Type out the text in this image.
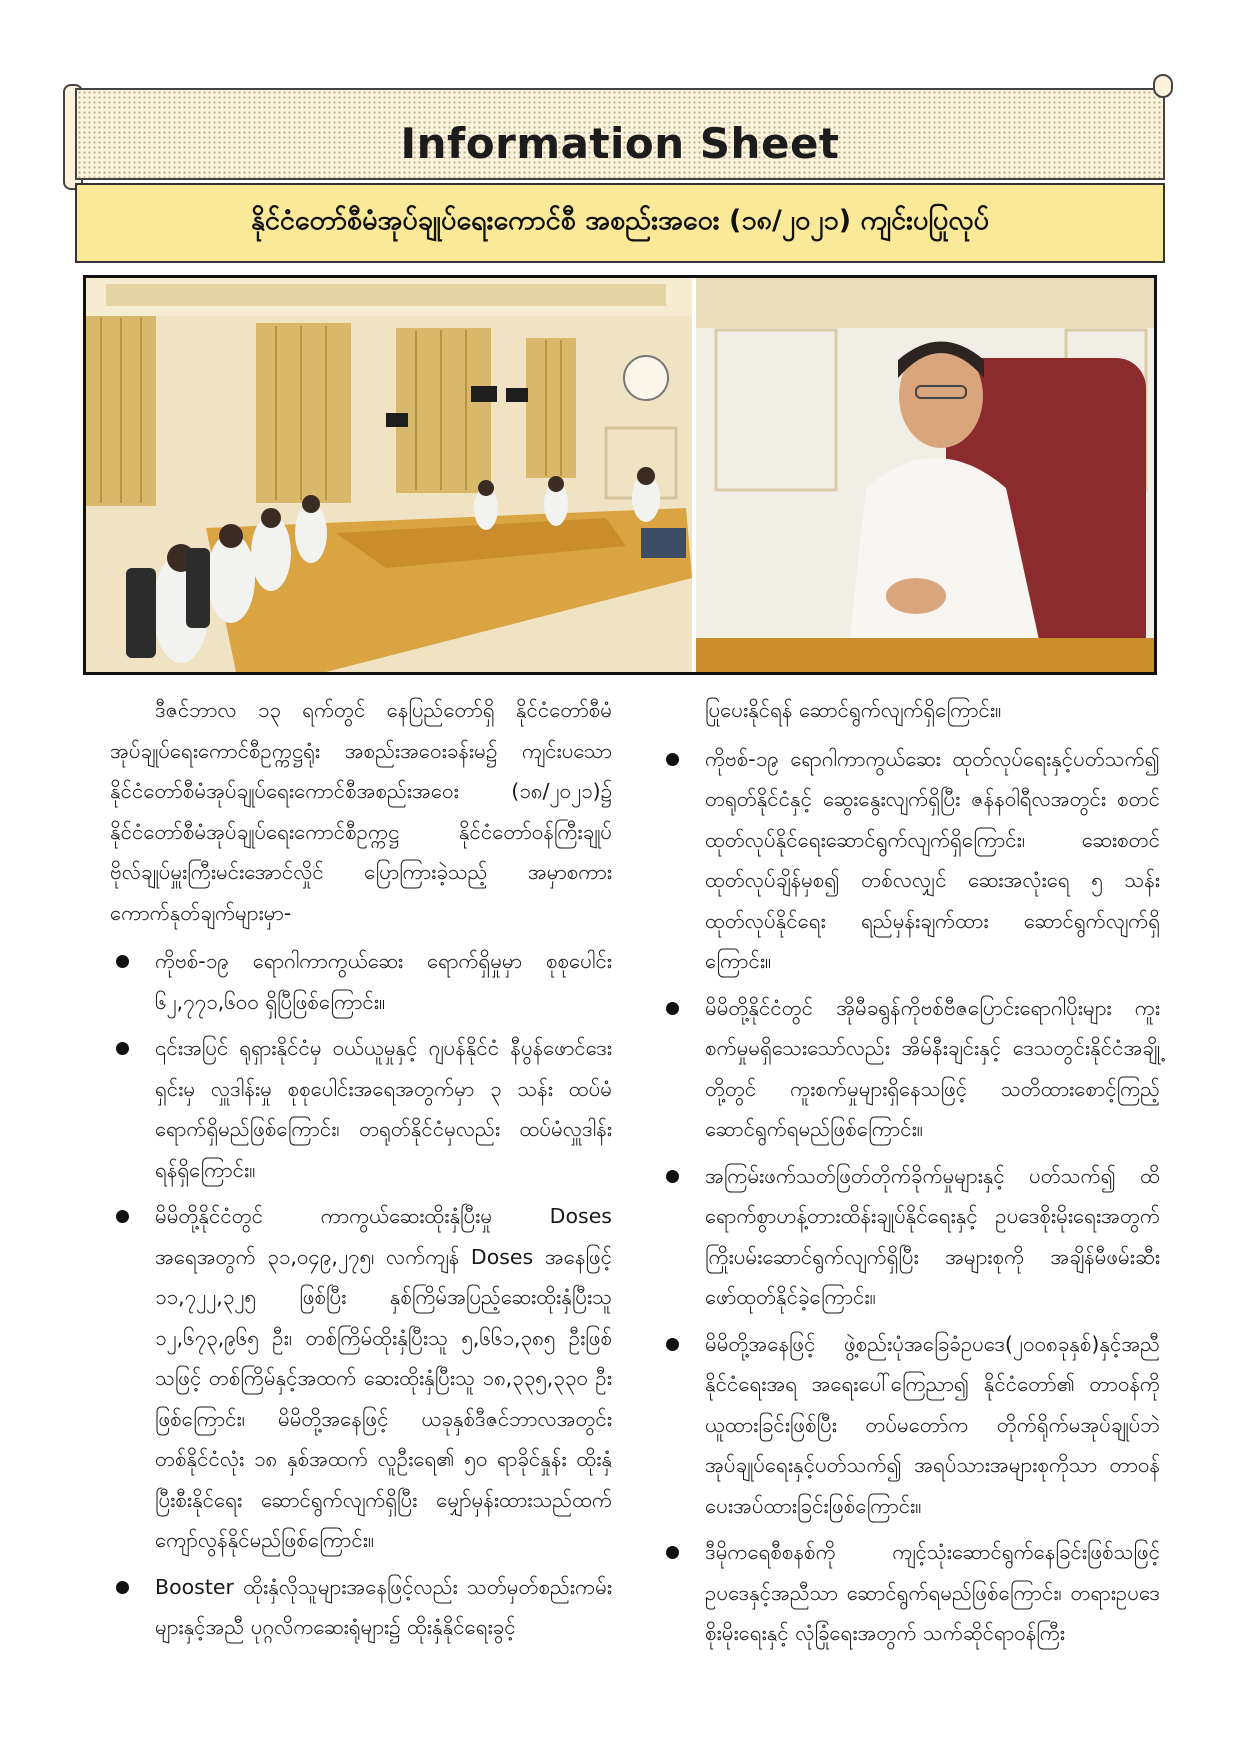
Information Sheet
နိုင်ငံတော်စီမံအုပ်ချုပ်ရေးကောင်စီ အစည်းအဝေး (၁၈/၂၀၂၁) ကျင်းပပြုလုပ်

ဒီဇင်ဘာလ ၁၃ ရက်တွင် နေပြည်တော်ရှိ နိုင်ငံတော်စီမံအုပ်ချုပ်ရေးကောင်စီဥက္ကဋ္ဌရုံး အစည်းအဝေးခန်းမ၌ ကျင်းပသော နိုင်ငံတော်စီမံအုပ်ချုပ်ရေးကောင်စီအစည်းအဝေး (၁၈/၂၀၂၁)၌ နိုင်ငံတော်စီမံအုပ်ချုပ်ရေးကောင်စီဥက္ကဋ္ဌ နိုင်ငံတော်ဝန်ကြီးချုပ် ဗိုလ်ချုပ်မှူးကြီးမင်းအောင်လှိုင် ပြောကြားခဲ့သည့် အမှာစကားကောက်နုတ်ချက်များမှာ-

ကိုဗစ်-၁၉ ရောဂါကာကွယ်ဆေး ရောက်ရှိမှုမှာ စုစုပေါင်း ၆၂,၇၇၁,၆၀၀ ရှိပြီဖြစ်ကြောင်း။
၎င်းအပြင် ရုရှားနိုင်ငံမှ ဝယ်ယူမှုနှင့် ဂျပန်နိုင်ငံ နီပွန်ဖောင်ဒေးရှင်းမှ လှူဒါန်းမှု စုစုပေါင်းအရေအတွက်မှာ ၃ သန်း ထပ်မံရောက်ရှိမည်ဖြစ်ကြောင်း၊ တရုတ်နိုင်ငံမှလည်း ထပ်မံလှူဒါန်းရန်ရှိကြောင်း။
မိမိတို့နိုင်ငံတွင် ကာကွယ်ဆေးထိုးနှံပြီးမှု Doses အရေအတွက် ၃၁,၀၄၉,၂၇၅၊ လက်ကျန် Doses အနေဖြင့် ၁၁,၇၂၂,၃၂၅ ဖြစ်ပြီး နှစ်ကြိမ်အပြည့်ဆေးထိုးနှံပြီးသူ ၁၂,၆၇၃,၉၆၅ ဦး၊ တစ်ကြိမ်ထိုးနှံပြီးသူ ၅,၆၆၁,၃၈၅ ဦးဖြစ်သဖြင့် တစ်ကြိမ်နှင့်အထက် ဆေးထိုးနှံပြီးသူ ၁၈,၃၃၅,၃၃၀ ဦးဖြစ်ကြောင်း၊ မိမိတို့အနေဖြင့် ယခုနှစ်ဒီဇင်ဘာလအတွင်း တစ်နိုင်ငံလုံး ၁၈ နှစ်အထက် လူဦးရေ၏ ၅၀ ရာခိုင်နှုန်း ထိုးနှံပြီးစီးနိုင်ရေး ဆောင်ရွက်လျက်ရှိပြီး မျှော်မှန်းထားသည်ထက် ကျော်လွန်နိုင်မည်ဖြစ်ကြောင်း။
Booster ထိုးနှံလိုသူများအနေဖြင့်လည်း သတ်မှတ်စည်းကမ်းများနှင့်အညီ ပုဂ္ဂလိကဆေးရုံများ၌ ထိုးနှံနိုင်ရေးခွင့်

ပြုပေးနိုင်ရန် ဆောင်ရွက်လျက်ရှိကြောင်း။

ကိုဗစ်-၁၉ ရောဂါကာကွယ်ဆေး ထုတ်လုပ်ရေးနှင့်ပတ်သက်၍ တရုတ်နိုင်ငံနှင့် ဆွေးနွေးလျက်ရှိပြီး ဇန်နဝါရီလအတွင်း စတင်ထုတ်လုပ်နိုင်ရေးဆောင်ရွက်လျက်ရှိကြောင်း၊ ဆေးစတင်ထုတ်လုပ်ချိန်မှစ၍ တစ်လလျှင် ဆေးအလုံးရေ ၅ သန်း ထုတ်လုပ်နိုင်ရေး ရည်မှန်းချက်ထား ဆောင်ရွက်လျက်ရှိကြောင်း။
မိမိတို့နိုင်ငံတွင် အိုမီခရွန်ကိုဗစ်ဗီဇပြောင်းရောဂါပိုးများ ကူးစက်မှုမရှိသေးသော်လည်း အိမ်နီးချင်းနှင့် ဒေသတွင်းနိုင်ငံအချို့တို့တွင် ကူးစက်မှုများရှိနေသဖြင့် သတိထားစောင့်ကြည့်ဆောင်ရွက်ရမည်ဖြစ်ကြောင်း။
အကြမ်းဖက်သတ်ဖြတ်တိုက်ခိုက်မှုများနှင့် ပတ်သက်၍ ထိရောက်စွာဟန့်တားထိန်းချုပ်နိုင်ရေးနှင့် ဥပဒေစိုးမိုးရေးအတွက် ကြိုးပမ်းဆောင်ရွက်လျက်ရှိပြီး အများစုကို အချိန်မီဖမ်းဆီးဖော်ထုတ်နိုင်ခဲ့ကြောင်း။
မိမိတို့အနေဖြင့် ဖွဲ့စည်းပုံအခြေခံဥပဒေ(၂၀၀၈ခုနှစ်)နှင့်အညီ နိုင်ငံရေးအရ အရေးပေါ်ကြေညာ၍ နိုင်ငံတော်၏ တာဝန်ကိုယူထားခြင်းဖြစ်ပြီး တပ်မတော်က တိုက်ရိုက်မအုပ်ချုပ်ဘဲ အုပ်ချုပ်ရေးနှင့်ပတ်သက်၍ အရပ်သားအများစုကိုသာ တာဝန်ပေးအပ်ထားခြင်းဖြစ်ကြောင်း။
ဒီမိုကရေစီစနစ်ကို ကျင့်သုံးဆောင်ရွက်နေခြင်းဖြစ်သဖြင့် ဥပဒေနှင့်အညီသာ ဆောင်ရွက်ရမည်ဖြစ်ကြောင်း၊ တရားဥပဒေစိုးမိုးရေးနှင့် လုံခြုံရေးအတွက် သက်ဆိုင်ရာဝန်ကြီး
